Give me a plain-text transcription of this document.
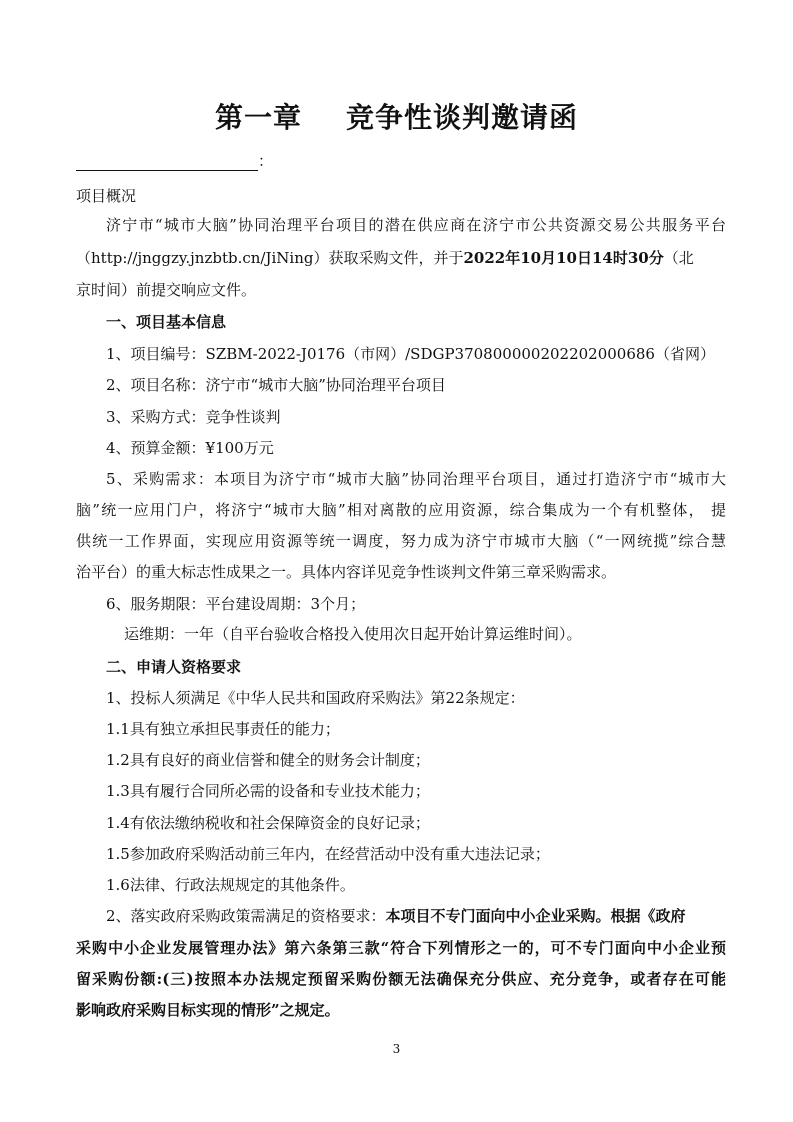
第一章 竞争性谈判邀请函
：
项目概况
济宁市“城市大脑”协同治理平台项目的潜在供应商在济宁市公共资源交易公共服务平台
（http://jnggzy.jnzbtb.cn/JiNing）获取采购文件，并于2022年10月10日14时30分（北
京时间）前提交响应文件。
一、项目基本信息
1、项目编号：SZBM-2022-J0176（市网）/SDGP370800000202202000686（省网）
2、项目名称：济宁市“城市大脑”协同治理平台项目
3、采购方式：竞争性谈判
4、预算金额：¥100万元
5、采购需求：本项目为济宁市“城市大脑”协同治理平台项目，通过打造济宁市“城市大
脑”统一应用门户，将济宁“城市大脑”相对离散的应用资源，综合集成为一个有机整体， 提
供统一工作界面，实现应用资源等统一调度，努力成为济宁市城市大脑（“一网统揽”综合慧
治平台）的重大标志性成果之一。具体内容详见竞争性谈判文件第三章采购需求。
6、服务期限：平台建设周期：3个月；
运维期：一年（自平台验收合格投入使用次日起开始计算运维时间）。
二、申请人资格要求
1、投标人须满足《中华人民共和国政府采购法》第22条规定：
1.1具有独立承担民事责任的能力；
1.2具有良好的商业信誉和健全的财务会计制度；
1.3具有履行合同所必需的设备和专业技术能力；
1.4有依法缴纳税收和社会保障资金的良好记录；
1.5参加政府采购活动前三年内，在经营活动中没有重大违法记录；
1.6法律、行政法规规定的其他条件。
2、落实政府采购政策需满足的资格要求：本项目不专门面向中小企业采购。根据《政府
采购中小企业发展管理办法》第六条第三款“符合下列情形之一的，可不专门面向中小企业预
留采购份额:(三)按照本办法规定预留采购份额无法确保充分供应、充分竞争，或者存在可能
影响政府采购目标实现的情形”之规定。
3
